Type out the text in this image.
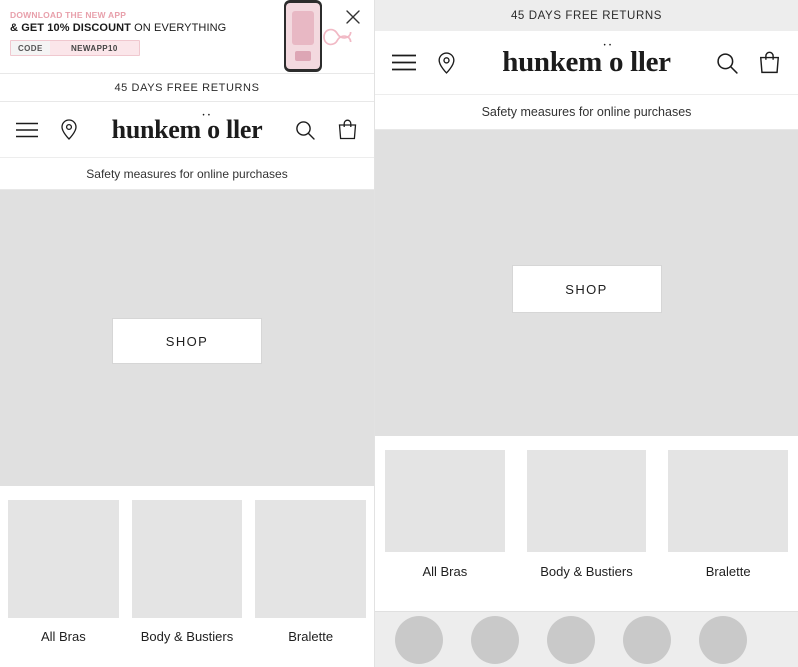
DOWNLOAD THE NEW APP
& GET 10% DISCOUNT ON EVERYTHING
CODE	NEWAPP10
45 DAYS FREE RETURNS
hunkem o
·· ller
Safety measures for online purchases
SHOP
All Bras	Body & Bustiers	Bralette
45 DAYS FREE RETURNS
hunkem o
··
ller
Safety measures for online purchases
SHOP
All Bras	Body & Bustiers	Bralette
